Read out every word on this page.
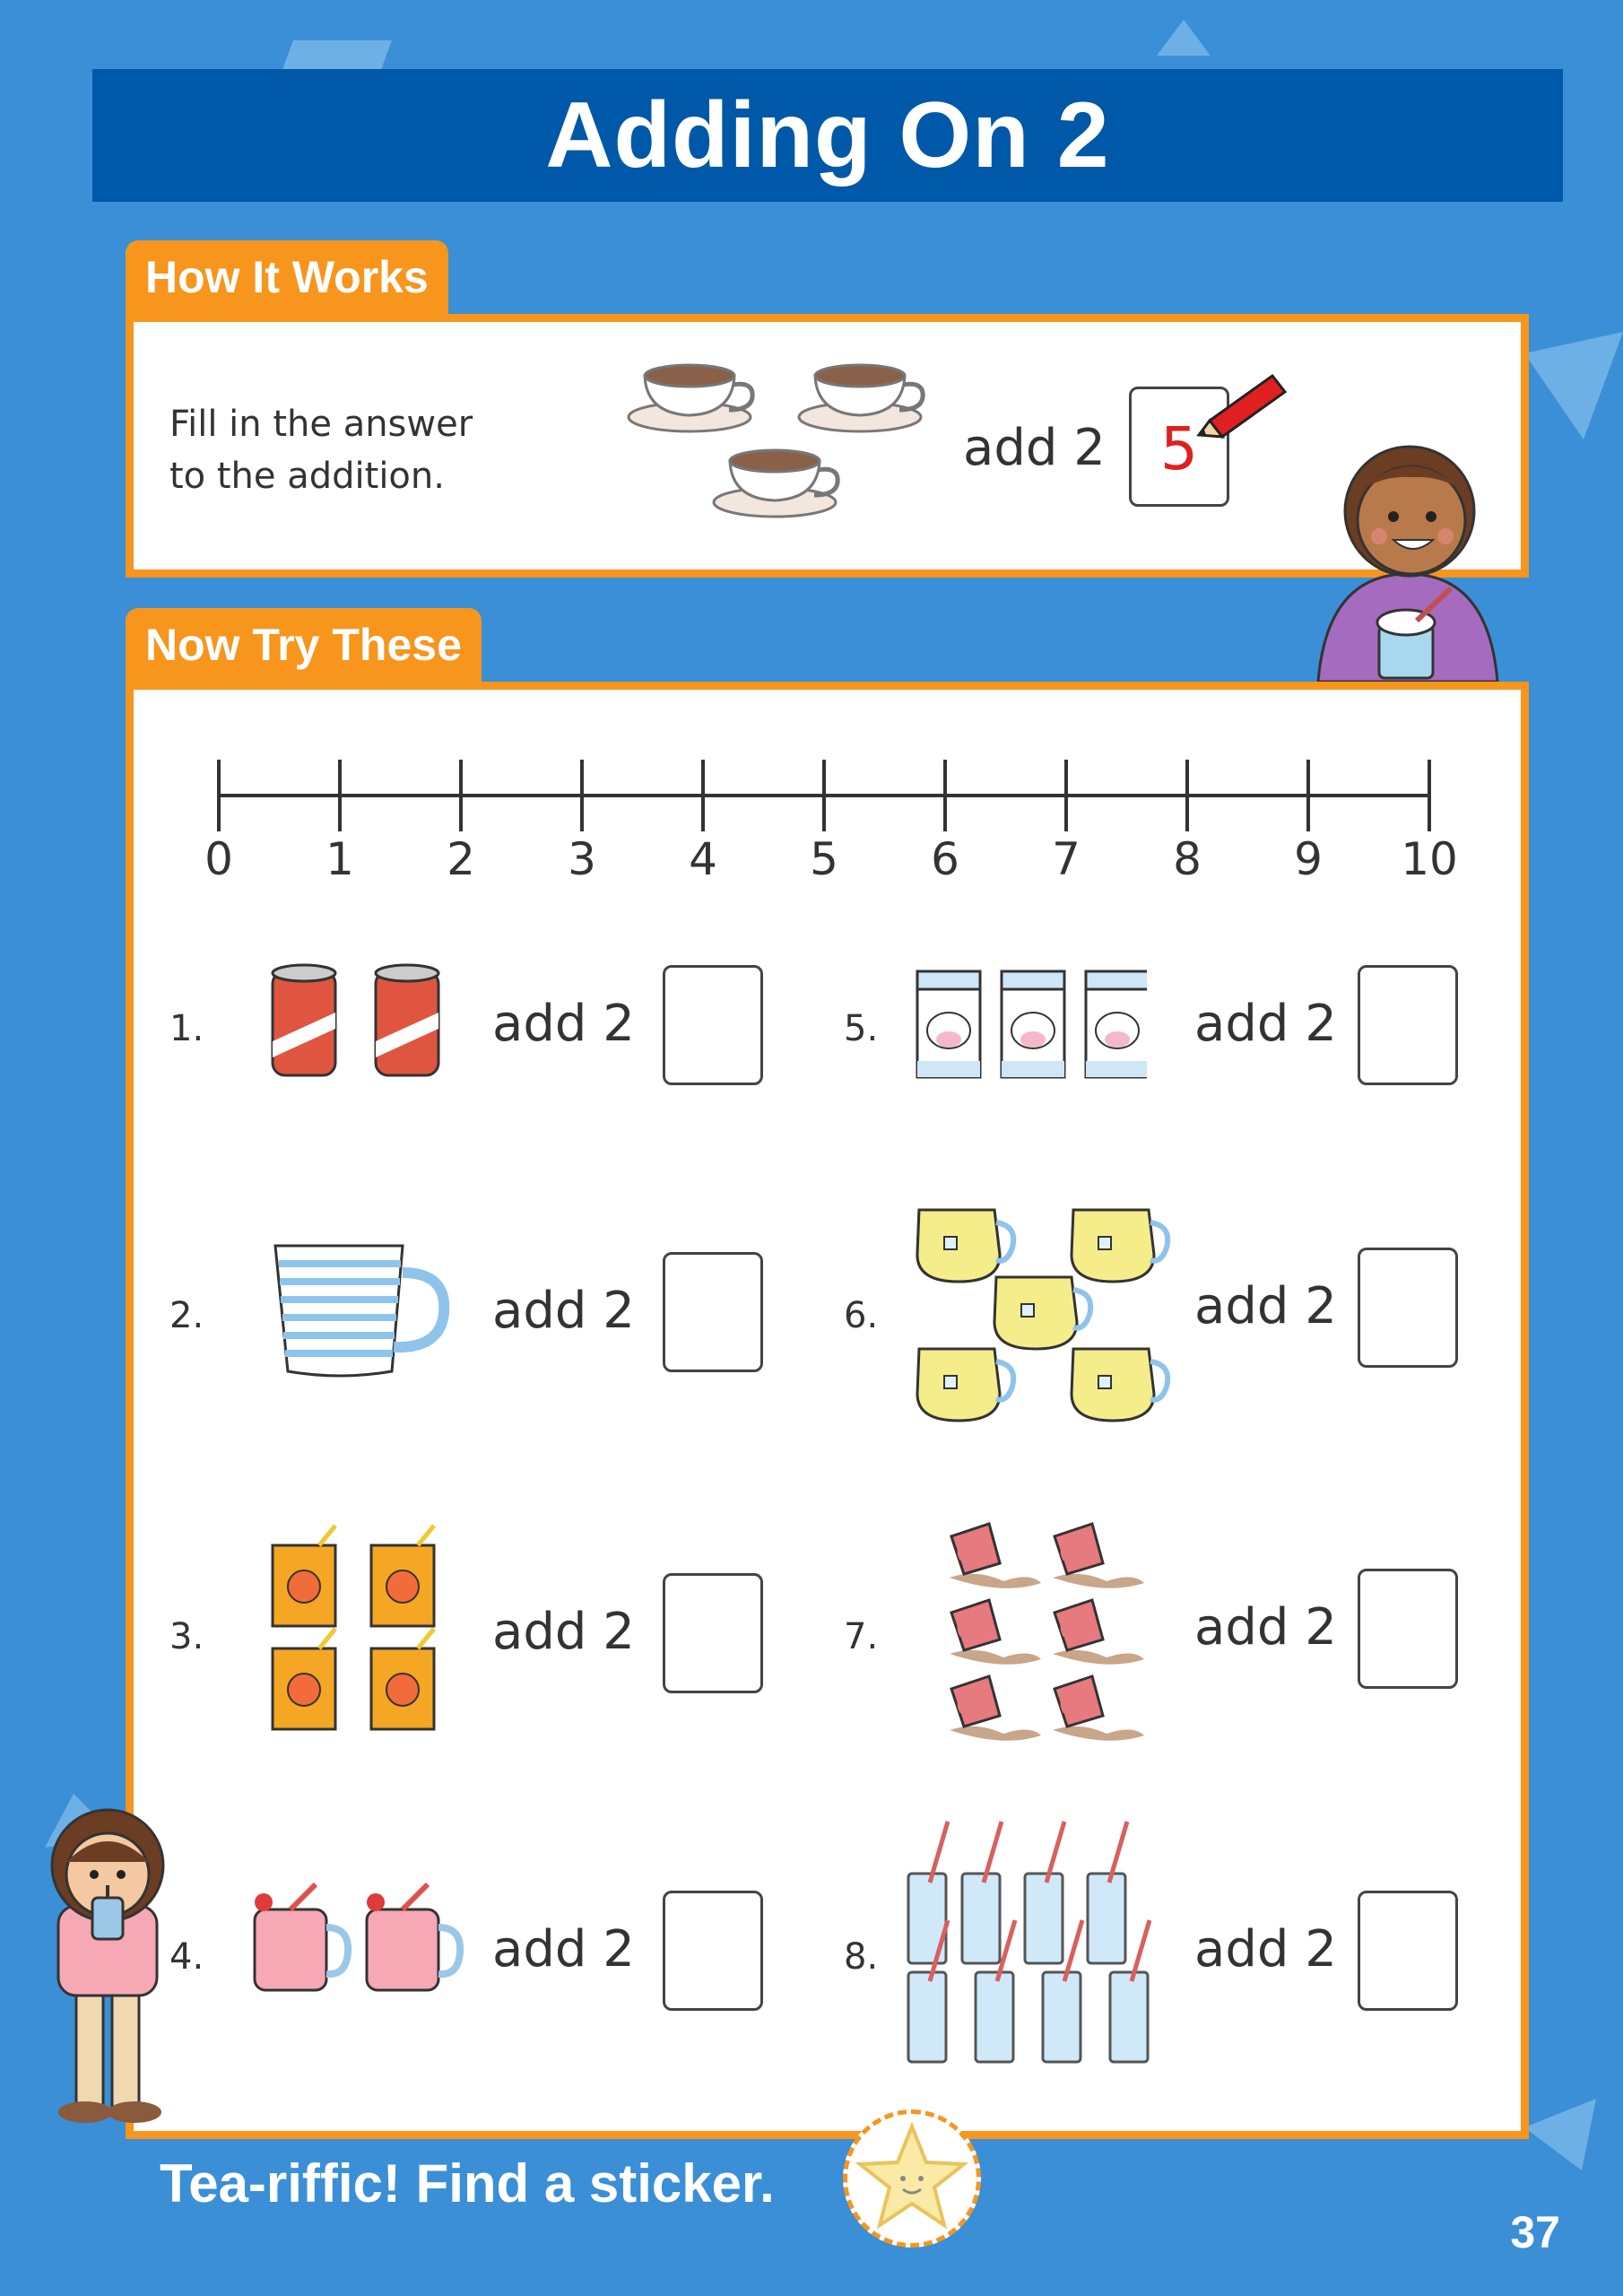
Adding On 2
How It Works
Fill in the answer
to the addition.	add 2 5
Now Try These
0	1	2	3	4	5	6	7	8	9	10
1.	add 2
2.	add 2
3.	add 2
4.	add 2
5.	add 2
6.	add 2
7.	add 2
8.	add 2
Tea-riffic! Find a sticker.
37
